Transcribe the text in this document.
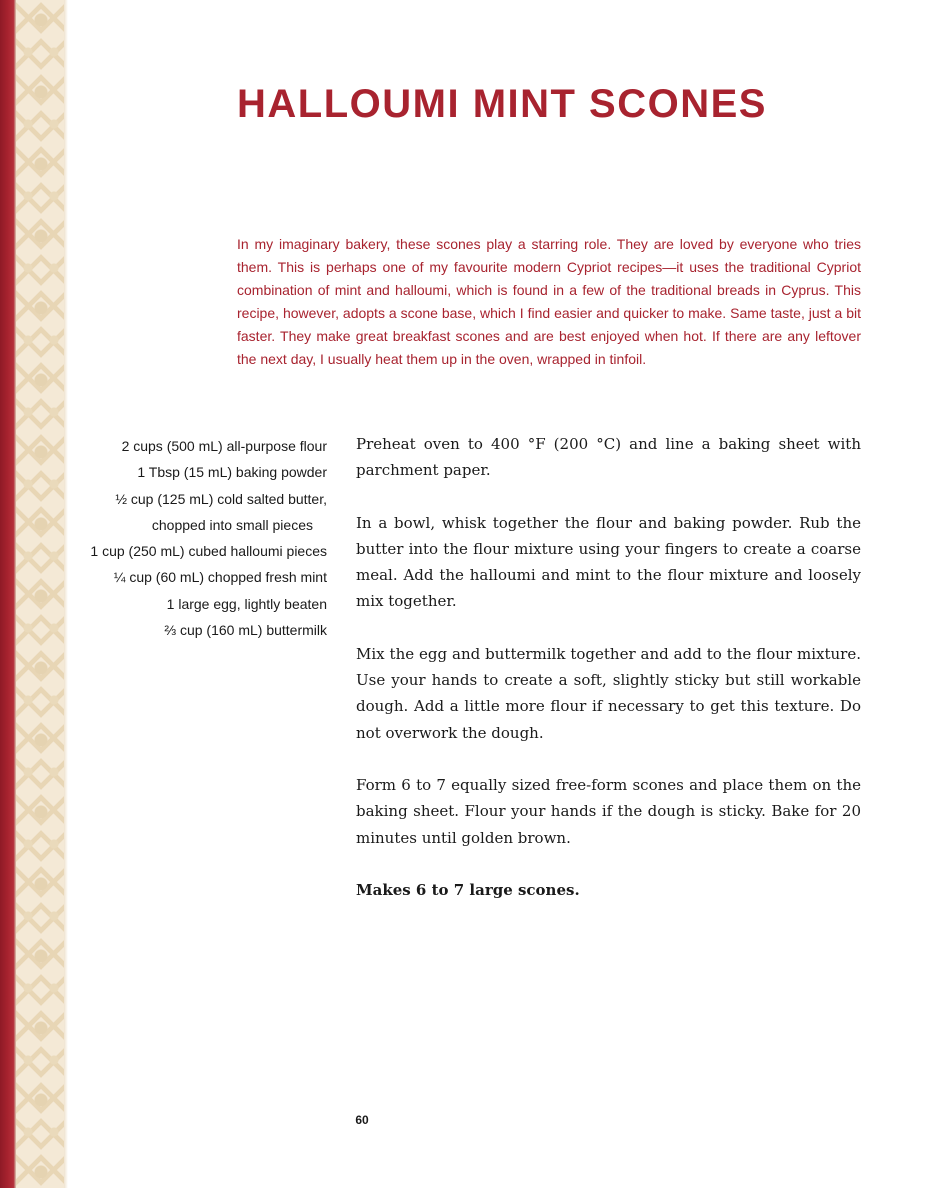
HALLOUMI MINT SCONES

In my imaginary bakery, these scones play a starring role. They are loved by everyone who tries them. This is perhaps one of my favourite modern Cypriot recipes—it uses the traditional Cypriot combination of mint and halloumi, which is found in a few of the traditional breads in Cyprus. This recipe, however, adopts a scone base, which I find easier and quicker to make. Same taste, just a bit faster. They make great breakfast scones and are best enjoyed when hot. If there are any leftover the next day, I usually heat them up in the oven, wrapped in tinfoil.

2 cups (500 mL) all-purpose flour
1 Tbsp (15 mL) baking powder
½ cup (125 mL) cold salted butter,
chopped into small pieces
1 cup (250 mL) cubed halloumi pieces
¼ cup (60 mL) chopped fresh mint
1 large egg, lightly beaten
⅔ cup (160 mL) buttermilk

Preheat oven to 400 °F (200 °C) and line a baking sheet with parchment paper.

In a bowl, whisk together the flour and baking powder. Rub the butter into the flour mixture using your fingers to create a coarse meal. Add the halloumi and mint to the flour mixture and loosely mix together.

Mix the egg and buttermilk together and add to the flour mixture. Use your hands to create a soft, slightly sticky but still workable dough. Add a little more flour if necessary to get this texture. Do not overwork the dough.

Form 6 to 7 equally sized free-form scones and place them on the baking sheet. Flour your hands if the dough is sticky. Bake for 20 minutes until golden brown.

Makes 6 to 7 large scones.

60
